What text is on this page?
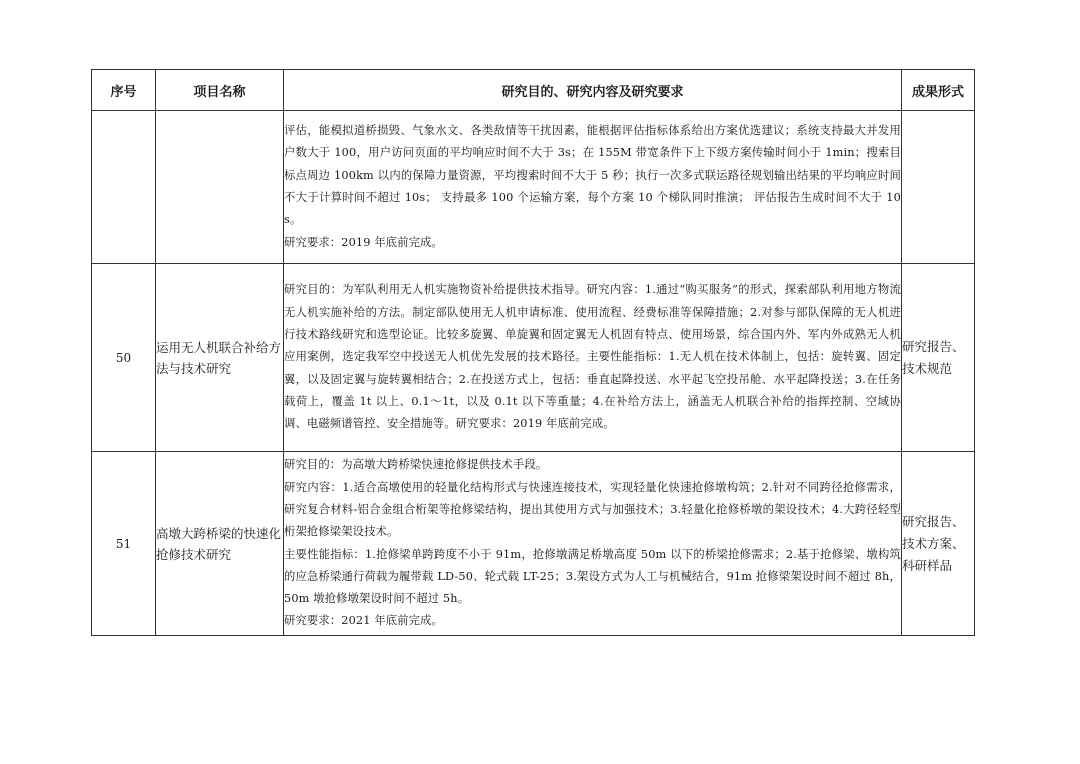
序号	项目名称	研究目的、研究内容及研究要求	成果形式

		评估，能模拟道桥损毁、气象水文、各类敌情等干扰因素，能根据评估指标体系给出方案优选建议；系统支持最大并发用户数大于 100，用户访问页面的平均响应时间不大于 3s；在 155M 带宽条件下上下级方案传输时间小于 1min；搜索目标点周边 100km 以内的保障力量资源，平均搜索时间不大于 5 秒；执行一次多式联运路径规划输出结果的平均响应时间不大于计算时间不超过 10s； 支持最多 100 个运输方案，每个方案 10 个梯队同时推演； 评估报告生成时间不大于 10s。

研究要求：2019 年底前完成。	

50	运用无人机联合补给方法与技术研究	研究目的：为军队利用无人机实施物资补给提供技术指导。研究内容：1.通过“购买服务”的形式，探索部队利用地方物流无人机实施补给的方法。制定部队使用无人机申请标准、使用流程、经费标准等保障措施；2.对参与部队保障的无人机进行技术路线研究和选型论证。比较多旋翼、单旋翼和固定翼无人机固有特点、使用场景，综合国内外、军内外成熟无人机应用案例，选定我军空中投送无人机优先发展的技术路径。主要性能指标：1.无人机在技术体制上，包括：旋转翼、固定翼，以及固定翼与旋转翼相结合；2.在投送方式上，包括：垂直起降投送、水平起飞空投吊舱、水平起降投送；3.在任务载荷上，覆盖 1t 以上、0.1～1t，以及 0.1t 以下等重量；4.在补给方法上，涵盖无人机联合补给的指挥控制、空域协调、电磁频谱管控、安全措施等。研究要求：2019 年底前完成。	研究报告、技术规范
51	高墩大跨桥梁的快速化抢修技术研究	研究目的：为高墩大跨桥梁快速抢修提供技术手段。

研究内容：1.适合高墩使用的轻量化结构形式与快速连接技术，实现轻量化快速抢修墩构筑；2.针对不同跨径抢修需求，研究复合材料-铝合金组合桁架等抢修梁结构，提出其使用方式与加强技术；3.轻量化抢修桥墩的架设技术；4.大跨径轻型桁架抢修梁架设技术。

主要性能指标：1.抢修梁单跨跨度不小于 91m，抢修墩满足桥墩高度 50m 以下的桥梁抢修需求；2.基于抢修梁、墩构筑的应急桥梁通行荷载为履带载 LD-50、轮式载 LT-25；3.架设方式为人工与机械结合，91m 抢修梁架设时间不超过 8h，50m 墩抢修墩架设时间不超过 5h。

研究要求：2021 年底前完成。	研究报告、技术方案、科研样品
